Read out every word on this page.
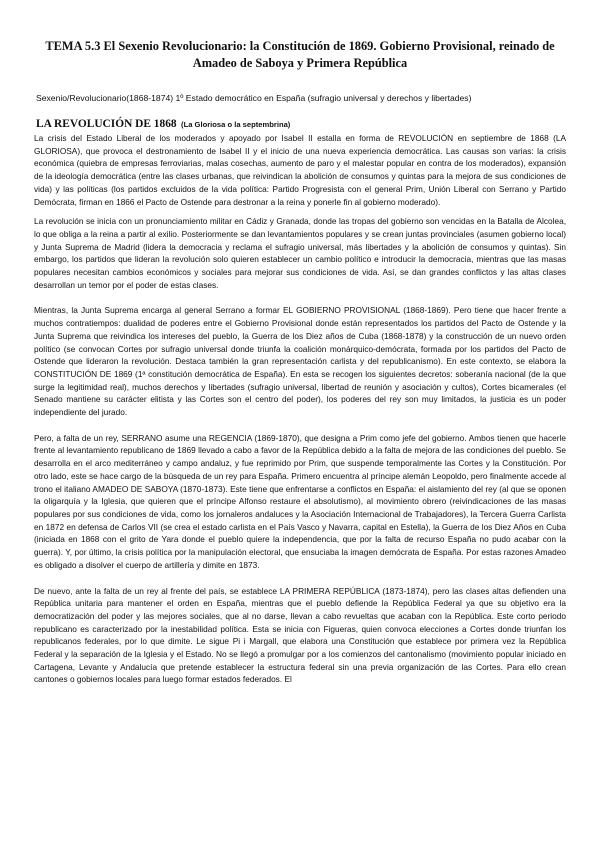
TEMA 5.3 El Sexenio Revolucionario: la Constitución de 1869. Gobierno Provisional, reinado de Amadeo de Saboya y Primera República
Sexenio/Revolucionario(1868-1874) 1º Estado democrático en España (sufragio universal y derechos y libertades)
LA REVOLUCIÓN DE 1868 (La Gloriosa o la septembrina)

La crisis del Estado Liberal de los moderados y apoyado por Isabel II estalla en forma de REVOLUCIÓN en septiembre de 1868 (LA GLORIOSA), que provoca el destronamiento de Isabel II y el inicio de una nueva experiencia democrática. Las causas son varias: la crisis económica (quiebra de empresas ferroviarias, malas cosechas, aumento de paro y el malestar popular en contra de los moderados), expansión de la ideología democrática (entre las clases urbanas, que reivindican la abolición de consumos y quintas para la mejora de sus condiciones de vida) y las políticas (los partidos excluidos de la vida política: Partido Progresista con el general Prim, Unión Liberal con Serrano y Partido Demócrata, firman en 1866 el Pacto de Ostende para destronar a la reina y ponerle fin al gobierno moderado).

La revolución se inicia con un pronunciamiento militar en Cádiz y Granada, donde las tropas del gobierno son vencidas en la Batalla de Alcolea, lo que obliga a la reina a partir al exilio. Posteriormente se dan levantamientos populares y se crean juntas provinciales (asumen gobierno local) y Junta Suprema de Madrid (lidera la democracia y reclama el sufragio universal, más libertades y la abolición de consumos y quintas). Sin embargo, los partidos que lideran la revolución solo quieren establecer un cambio político e introducir la democracia, mientras que las masas populares necesitan cambios económicos y sociales para mejorar sus condiciones de vida. Así, se dan grandes conflictos y las altas clases desarrollan un temor por el poder de estas clases.

Mientras, la Junta Suprema encarga al general Serrano a formar EL GOBIERNO PROVISIONAL (1868-1869). Pero tiene que hacer frente a muchos contratiempos: dualidad de poderes entre el Gobierno Provisional donde están representados los partidos del Pacto de Ostende y la Junta Suprema que reivindica los intereses del pueblo, la Guerra de los Diez años de Cuba (1868-1878) y la construcción de un nuevo orden político (se convocan Cortes por sufragio universal donde triunfa la coalición monárquico-demócrata, formada por los partidos del Pacto de Ostende que lideraron la revolución. Destaca también la gran representación carlista y del republicanismo). En este contexto, se elabora la CONSTITUCIÓN DE 1869 (1ª constitución democrática de España). En esta se recogen los siguientes decretos: soberanía nacional (de la que surge la legitimidad real), muchos derechos y libertades (sufragio universal, libertad de reunión y asociación y cultos), Cortes bicamerales (el Senado mantiene su carácter elitista y las Cortes son el centro del poder), los poderes del rey son muy limitados, la justicia es un poder independiente del jurado.

Pero, a falta de un rey, SERRANO asume una REGENCIA (1869-1870), que designa a Prim como jefe del gobierno. Ambos tienen que hacerle frente al levantamiento republicano de 1869 llevado a cabo a favor de la República debido a la falta de mejora de las condiciones del pueblo. Se desarrolla en el arco mediterráneo y campo andaluz, y fue reprimido por Prim, que suspende temporalmente las Cortes y la Constitución. Por otro lado, este se hace cargo de la búsqueda de un rey para España. Primero encuentra al príncipe alemán Leopoldo, pero finalmente accede al trono el italiano AMADEO DE SABOYA (1870-1873). Este tiene que enfrentarse a conflictos en España: el aislamiento del rey (al que se oponen la oligarquía y la Iglesia, que quieren que el príncipe Alfonso restaure el absolutismo), al movimiento obrero (reivindicaciones de las masas populares por sus condiciones de vida, como los jornaleros andaluces y la Asociación Internacional de Trabajadores), la Tercera Guerra Carlista en 1872 en defensa de Carlos VII (se crea el estado carlista en el País Vasco y Navarra, capital en Estella), la Guerra de los Diez Años en Cuba (iniciada en 1868 con el grito de Yara donde el pueblo quiere la independencia, que por la falta de recurso España no pudo acabar con la guerra). Y, por último, la crisis política por la manipulación electoral, que ensuciaba la imagen demócrata de España. Por estas razones Amadeo es obligado a disolver el cuerpo de artillería y dimite en 1873.

De nuevo, ante la falta de un rey al frente del país, se establece LA PRIMERA REPÚBLICA (1873-1874), pero las clases altas defienden una República unitaria para mantener el orden en España, mientras que el pueblo defiende la República Federal ya que su objetivo era la democratización del poder y las mejores sociales, que al no darse, llevan a cabo revueltas que acaban con la República. Este corto periodo republicano es caracterizado por la inestabilidad política. Esta se inicia con Figueras, quien convoca elecciones a Cortes donde triunfan los republicanos federales, por lo que dimite. Le sigue Pi i Margall, que elabora una Constitución que establece por primera vez la República Federal y la separación de la Iglesia y el Estado. No se llegó a promulgar por a los comienzos del cantonalismo (movimiento popular iniciado en Cartagena, Levante y Andalucía que pretende establecer la estructura federal sin una previa organización de las Cortes. Para ello crean cantones o gobiernos locales para luego formar estados federados. El
